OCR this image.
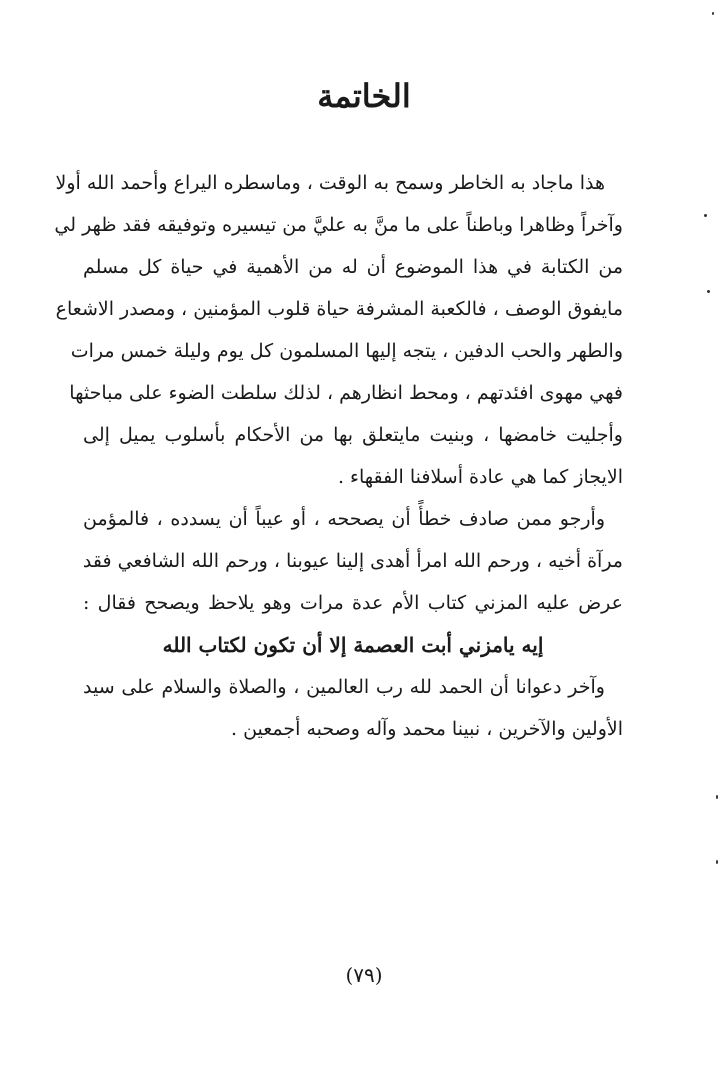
الخاتمة
هذا ماجاد به الخاطر وسمح به الوقت ، وماسطره اليراع وأحمد الله أولا
وآخراً وظاهرا وباطناً على ما منَّ به عليَّ من تيسيره وتوفيقه فقد ظهر لي
من الكتابة في هذا الموضوع أن له من الأهمية في حياة كل مسلم
مايفوق الوصف ، فالكعبة المشرفة حياة قلوب المؤمنين ، ومصدر الاشعاع
والطهر والحب الدفين ، يتجه إليها المسلمون كل يوم وليلة خمس مرات
فهي مهوى افئدتهم ، ومحط انظارهم ، لذلك سلطت الضوء على مباحثها
وأجليت خامضها ، وبنيت مايتعلق بها من الأحكام بأسلوب يميل إلى
الايجاز كما هي عادة أسلافنا الفقهاء .
وأرجو ممن صادف خطأً أن يصححه ، أو عيباً أن يسدده ، فالمؤمن
مرآة أخيه ، ورحم الله امرأ أهدى إلينا عيوبنا ، ورحم الله الشافعي فقد
عرض عليه المزني كتاب الأم عدة مرات وهو يلاحظ ويصحح فقال :
إيه يامزني أبت العصمة إلا أن تكون لكتاب الله
وآخر دعوانا أن الحمد لله رب العالمين ، والصلاة والسلام على سيد
الأولين والآخرين ، نبينا محمد وآله وصحبه أجمعين .
(٧٩)
